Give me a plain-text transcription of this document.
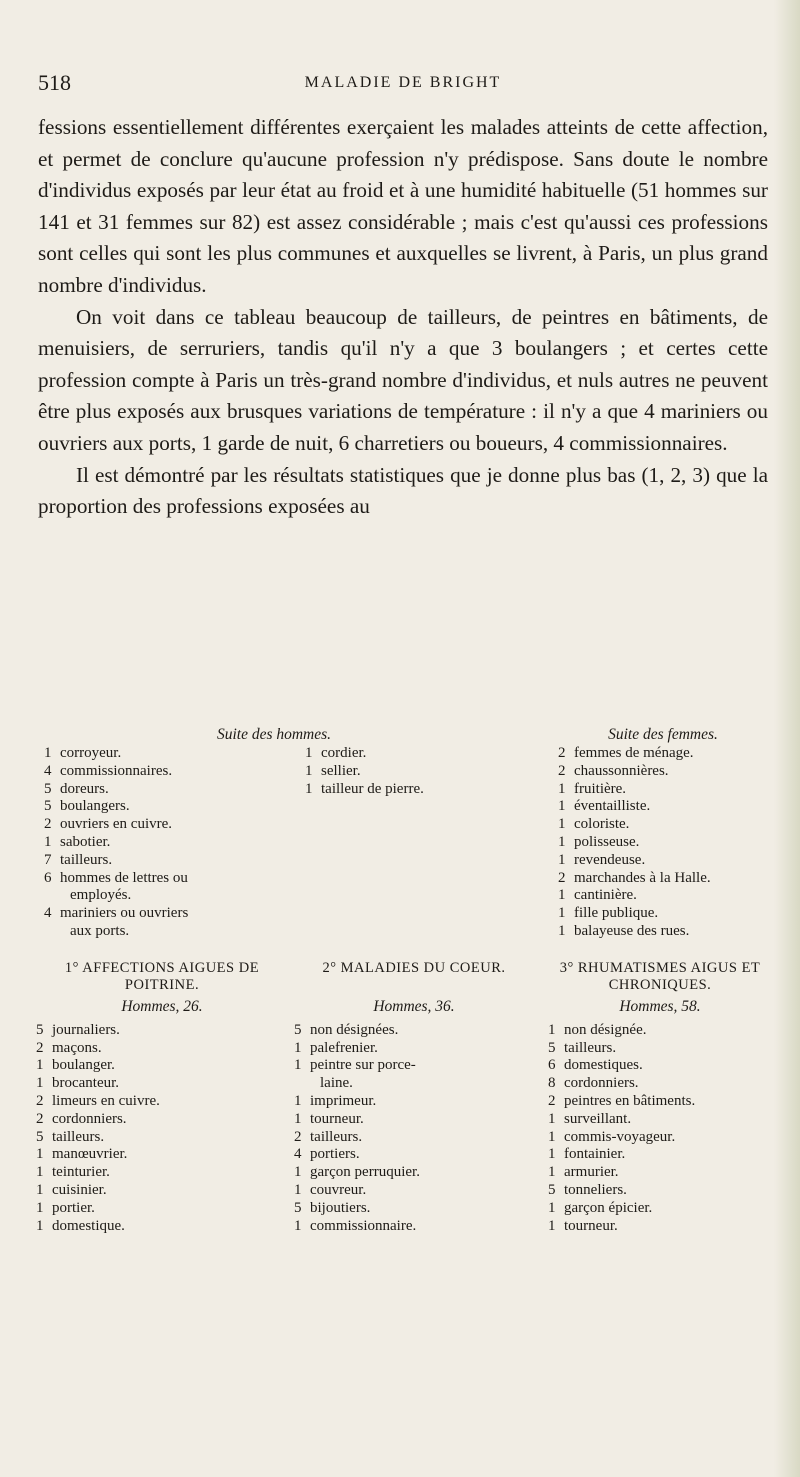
518	MALADIE DE BRIGHT

fessions essentiellement différentes exerçaient les malades atteints de cette affection, et permet de conclure qu'aucune profession n'y prédispose. Sans doute le nombre d'individus exposés par leur état au froid et à une humidité habituelle (51 hommes sur 141 et 31 femmes sur 82) est assez considérable ; mais c'est qu'aussi ces professions sont celles qui sont les plus communes et auxquelles se livrent, à Paris, un plus grand nombre d'individus.

On voit dans ce tableau beaucoup de tailleurs, de peintres en bâtiments, de menuisiers, de serruriers, tandis qu'il n'y a que 3 boulangers ; et certes cette profession compte à Paris un très-grand nombre d'individus, et nuls autres ne peuvent être plus exposés aux brusques variations de température : il n'y a que 4 mariniers ou ouvriers aux ports, 1 garde de nuit, 6 charretiers ou boueurs, 4 commissionnaires.

Il est démontré par les résultats statistiques que je donne plus bas (1, 2, 3) que la proportion des professions exposées au

Suite des hommes.	Suite des femmes.
1 corroyeur.
4 commissionnaires.
5 doreurs.
5 boulangers.
2 ouvriers en cuivre.
1 sabotier.
7 tailleurs.
6 hommes de lettres ou
employés.
4 mariniers ou ouvriers
aux ports.
1 cordier.
1 sellier.
1 tailleur de pierre.
2 femmes de ménage.
2 chaussonnières.
1 fruitière.
1 éventailliste.
1 coloriste.
1 polisseuse.
1 revendeuse.
2 marchandes à la Halle.
1 cantinière.
1 fille publique.
1 balayeuse des rues.
1° AFFECTIONS AIGUES DE POITRINE.
Hommes, 26.
5 journaliers.
2 maçons.
1 boulanger.
1 brocanteur.
2 limeurs en cuivre.
2 cordonniers.
5 tailleurs.
1 manœuvrier.
1 teinturier.
1 cuisinier.
1 portier.
1 domestique.
2° MALADIES DU COEUR.
Hommes, 36.
5 non désignées.
1 palefrenier.
1 peintre sur porce-
laine.
1 imprimeur.
1 tourneur.
2 tailleurs.
4 portiers.
1 garçon perruquier.
1 couvreur.
5 bijoutiers.
1 commissionnaire.
3° RHUMATISMES AIGUS ET CHRONIQUES.
Hommes, 58.
1 non désignée.
5 tailleurs.
6 domestiques.
8 cordonniers.
2 peintres en bâtiments.
1 surveillant.
1 commis-voyageur.
1 fontainier.
1 armurier.
5 tonneliers.
1 garçon épicier.
1 tourneur.
